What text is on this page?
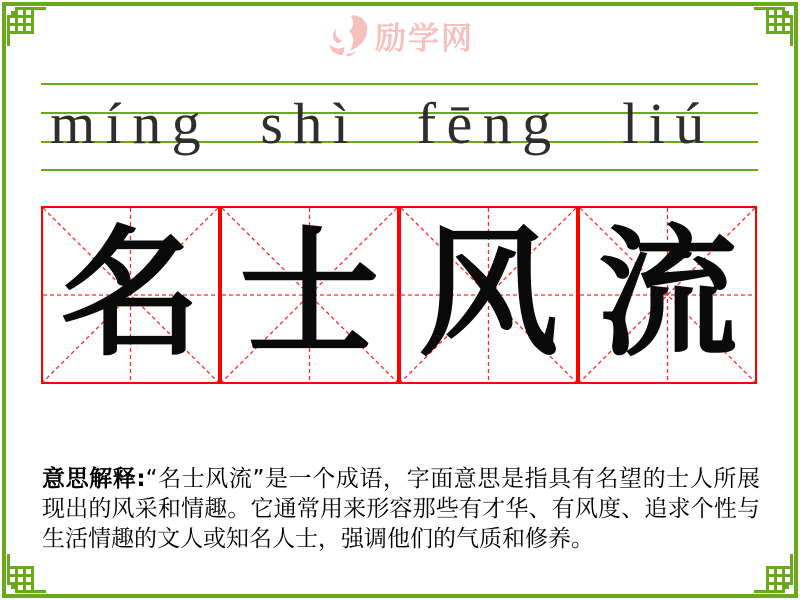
励学网
míng shì fēng	liú
名 士 风 流

意思解释:“名士风流”是一个成语，字面意思是指具有名望的士人所展现出的风采和情趣。它通常用来形容那些有才华、有风度、追求个性与生活情趣的文人或知名人士，强调他们的气质和修养。
